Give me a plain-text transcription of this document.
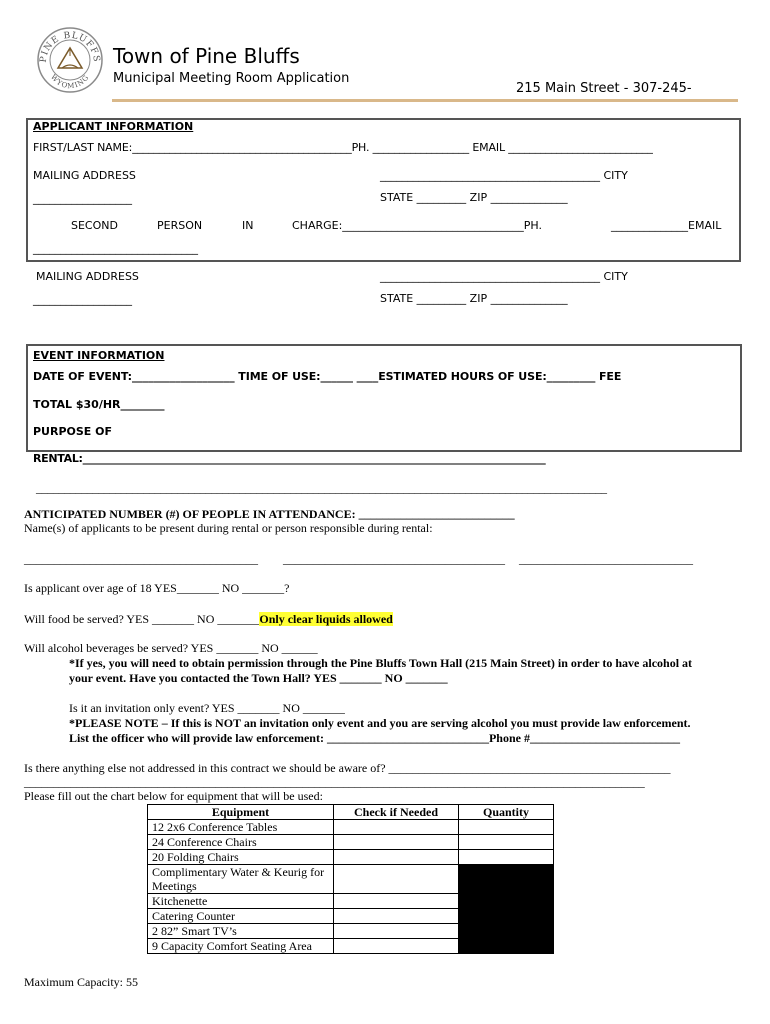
PINE BLUFFS
WYOMING
Town of Pine Bluffs
Municipal Meeting Room Application
215 Main Street - 307-245-
APPLICANT INFORMATION
FIRST/LAST NAME:_________________________________________PH. __________________ EMAIL ___________________________
MAILING ADDRESS	________________________________________ CITY
__________________	STATE _________ ZIP ______________
SECOND	PERSON	IN	CHARGE:_________________________________PH.	______________EMAIL
______________________________
MAILING ADDRESS	________________________________________ CITY
__________________	STATE _________ ZIP ______________
EVENT INFORMATION
DATE OF EVENT:___________________ TIME OF USE:______ ____ESTIMATED HOURS OF USE:_________ FEE
TOTAL $30/HR________
PURPOSE OF
RENTAL:_________________________________________________________________________________________
_____________________________________________________________________________________________________
ANTICIPATED NUMBER (#) OF PEOPLE IN ATTENDANCE: __________________________
Name(s) of applicants to be present during rental or person responsible during rental:
_______________________________________ _____________________________________ _____________________________
Is applicant over age of 18 YES_______ NO _______?
Will food be served? YES _______ NO _______Only clear liquids allowed
Will alcohol beverages be served? YES _______ NO ______
*If yes, you will need to obtain permission through the Pine Bluffs Town Hall (215 Main Street) in order to have alcohol at
your event. Have you contacted the Town Hall? YES _______ NO _______
Is it an invitation only event? YES _______ NO _______
*PLEASE NOTE – If this is NOT an invitation only event and you are serving alcohol you must provide law enforcement.
List the officer who will provide law enforcement: ___________________________Phone #_________________________
Is there anything else not addressed in this contract we should be aware of? _______________________________________________
___________________________________________________________________________________________________________
Please fill out the chart below for equipment that will be used:
Equipment	Check if Needed	Quantity
12 2x6 Conference Tables		
24 Conference Chairs		
20 Folding Chairs		
Complimentary Water & Keurig for Meetings		
Kitchenette		
Catering Counter		
2 82” Smart TV’s		
9 Capacity Comfort Seating Area		
Maximum Capacity: 55
